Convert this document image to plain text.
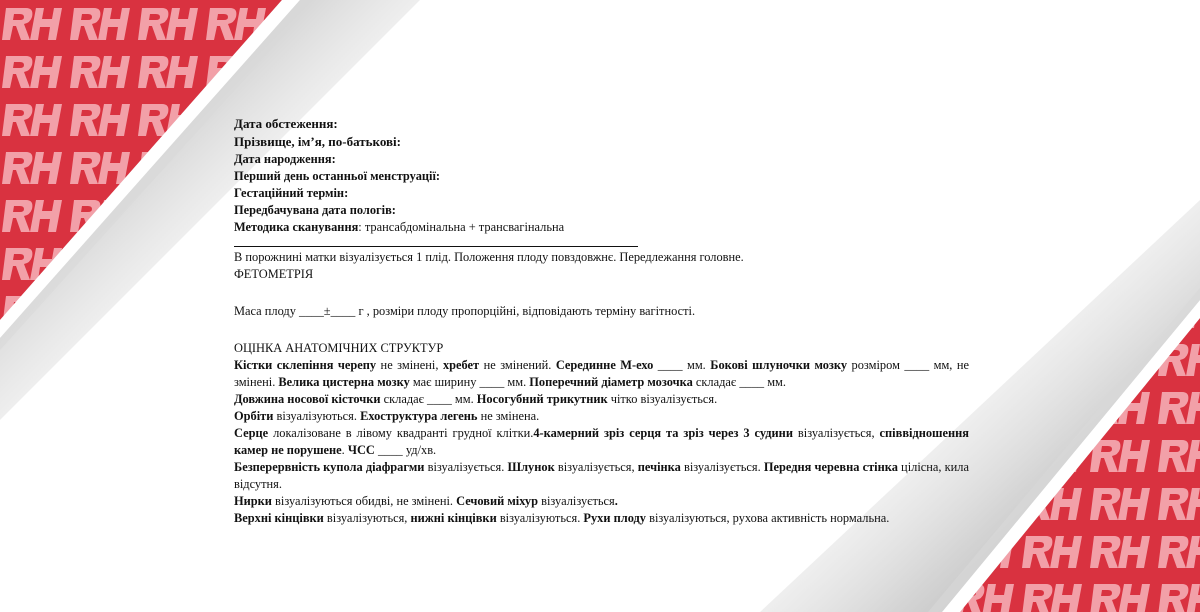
Дата обстеження:
Прізвище, ім’я, по-батькові:
Дата народження:
Перший день останньої менструації:
Гестаційний термін:
Передбачувана дата пологів:
Методика сканування: трансабдомінальна + трансвагінальна
В порожнині матки візуалізується 1 плід. Положення плоду повздовжнє. Передлежання головне.
ФЕТОМЕТРІЯ
Маса плоду ____±____ г , розміри плоду пропорційні, відповідають терміну вагітності.
ОЦІНКА АНАТОМІЧНИХ СТРУКТУР
Кістки склепіння черепу не змінені, хребет не змінений. Серединне М-ехо ____ мм. Бокові шлуночки мозку розміром ____ мм, не змінені. Велика цистерна мозку має ширину ____ мм. Поперечний діаметр мозочка складає ____ мм.
Довжина носової кісточки складає ____ мм. Носогубний трикутник чітко візуалізується.
Орбіти візуалізуються. Ехоструктура легень не змінена.
Серце локалізоване в лівому квадранті грудної клітки.4-камерний зріз серця та зріз через 3 судини візуалізується, співвідношення камер не порушене. ЧСС ____ уд/хв.
Безперервність купола діафрагми візуалізується. Шлунок візуалізується, печінка візуалізується. Передня черевна стінка цілісна, кила відсутня.
Нирки візуалізуються обидві, не змінені. Сечовий міхур візуалізується.
Верхні кінцівки візуалізуються, нижні кінцівки візуалізуються. Рухи плоду візуалізуються, рухова активність нормальна.
